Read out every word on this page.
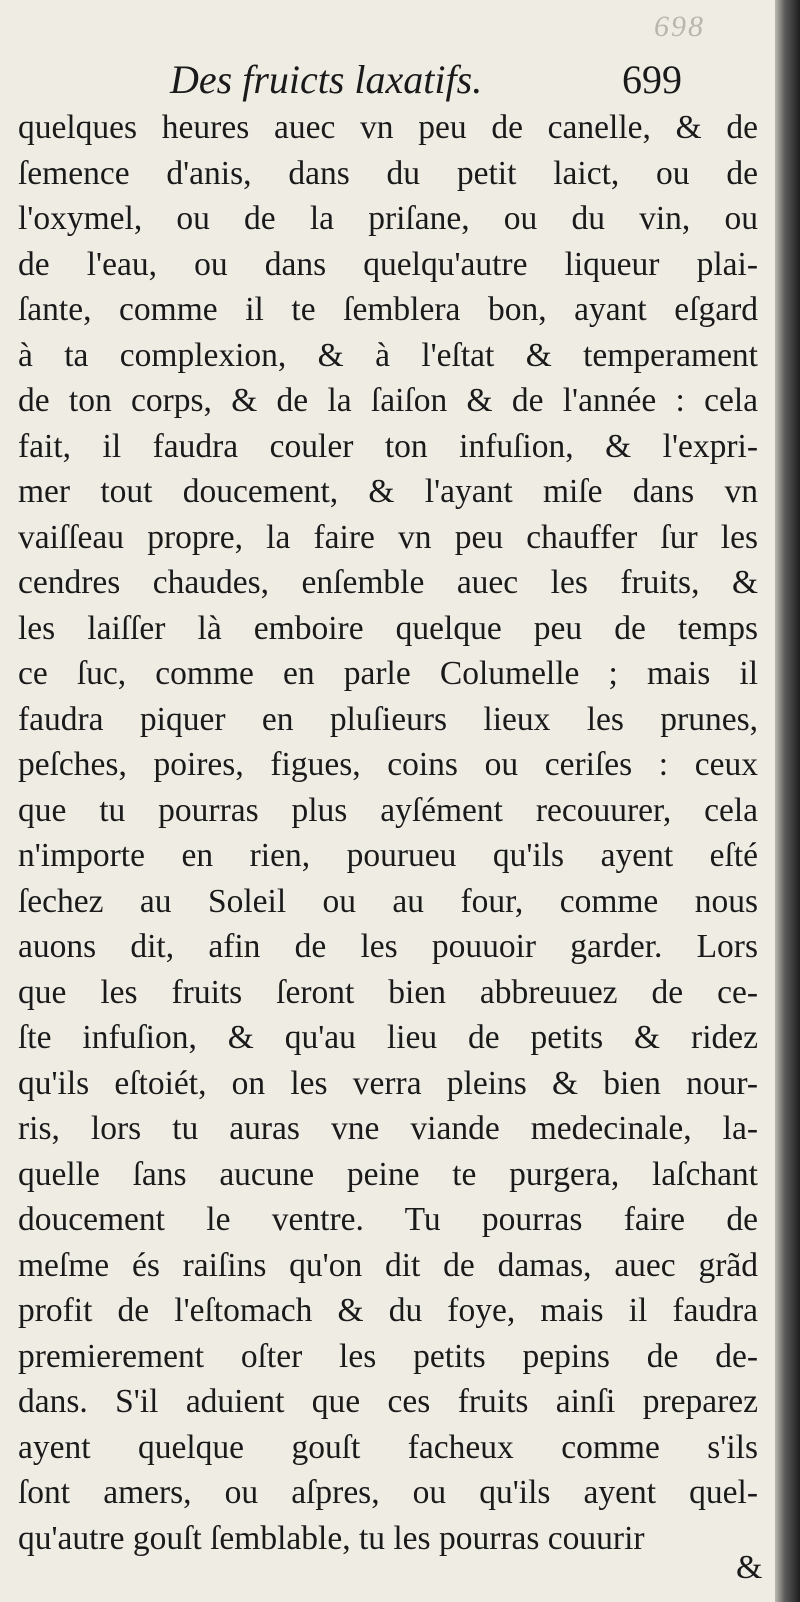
698
Des fruicts laxatifs.	699
quelques heures auec vn peu de canelle, & de
ſemence d'anis, dans du petit laict, ou de
l'oxymel, ou de la priſane, ou du vin, ou
de l'eau, ou dans quelqu'autre liqueur plai-
ſante, comme il te ſemblera bon, ayant eſgard
à ta complexion, & à l'eſtat & temperament
de ton corps, & de la ſaiſon & de l'année : cela
fait, il faudra couler ton infuſion, & l'expri-
mer tout doucement, & l'ayant miſe dans vn
vaiſſeau propre, la faire vn peu chauffer ſur les
cendres chaudes, enſemble auec les fruits, &
les laiſſer là emboire quelque peu de temps
ce ſuc, comme en parle Columelle ; mais il
faudra piquer en pluſieurs lieux les prunes,
peſches, poires, figues, coins ou ceriſes : ceux
que tu pourras plus ayſément recouurer, cela
n'importe en rien, pourueu qu'ils ayent eſté
ſechez au Soleil ou au four, comme nous
auons dit, afin de les pouuoir garder. Lors
que les fruits ſeront bien abbreuuez de ce-
ſte infuſion, & qu'au lieu de petits & ridez
qu'ils eſtoiét, on les verra pleins & bien nour-
ris, lors tu auras vne viande medecinale, la-
quelle ſans aucune peine te purgera, laſchant
doucement le ventre. Tu pourras faire de
meſme és raiſins qu'on dit de damas, auec grãd
profit de l'eſtomach & du foye, mais il faudra
premierement oſter les petits pepins de de-
dans. S'il aduient que ces fruits ainſi preparez
ayent quelque gouſt facheux comme s'ils
ſont amers, ou aſpres, ou qu'ils ayent quel-
qu'autre gouſt ſemblable, tu les pourras couurir
&
